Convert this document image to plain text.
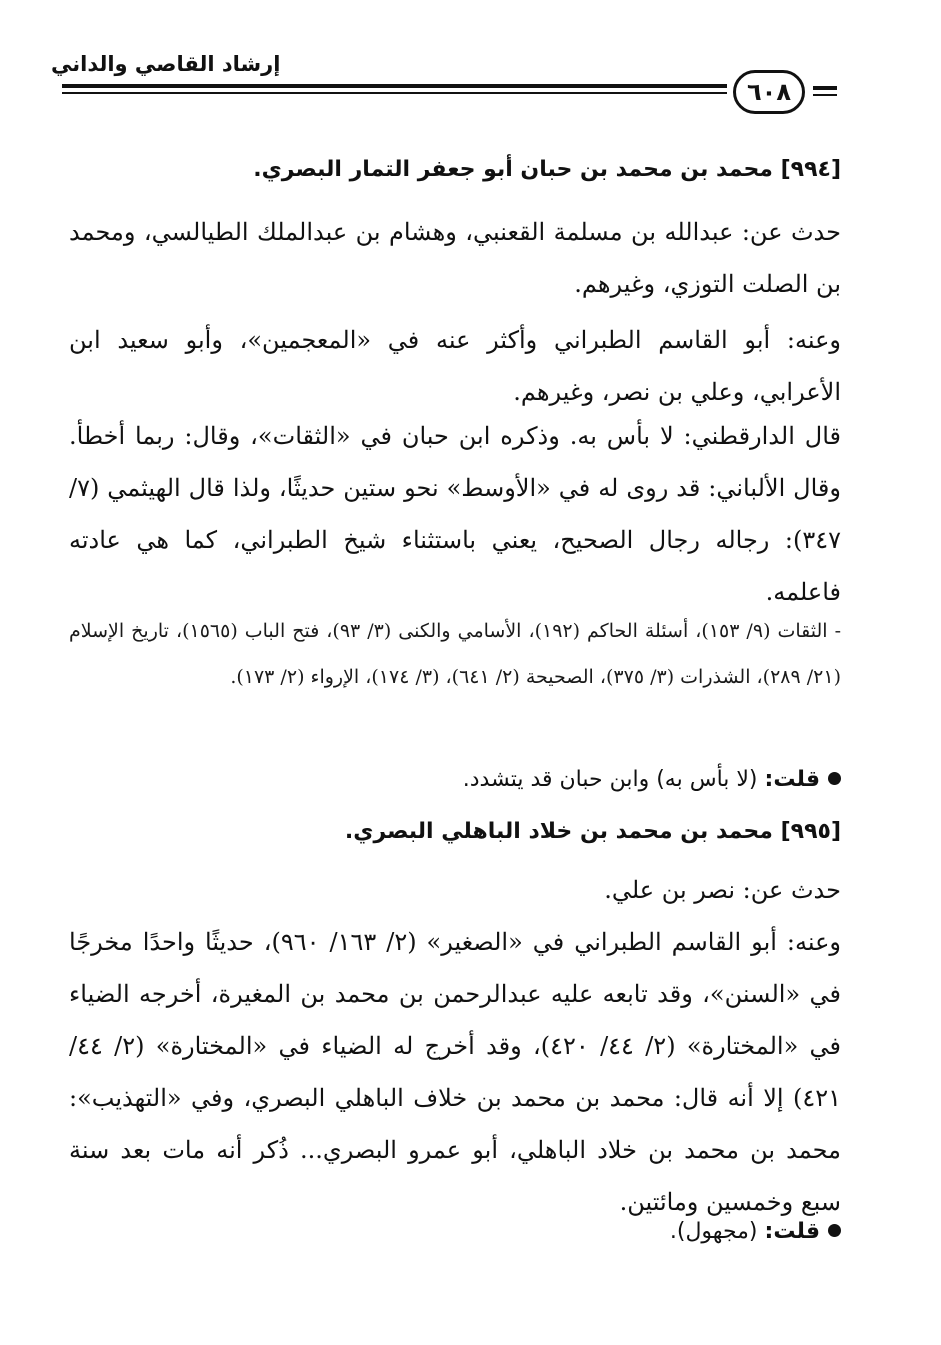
إرشاد القاصي والداني
٦٠٨
[٩٩٤] محمد بن محمد بن حبان أبو جعفر التمار البصري.
حدث عن: عبدالله بن مسلمة القعنبي، وهشام بن عبدالملك الطيالسي، ومحمد بن الصلت التوزي، وغيرهم.
وعنه: أبو القاسم الطبراني وأكثر عنه في «المعجمين»، وأبو سعيد ابن الأعرابي، وعلي بن نصر، وغيرهم.
قال الدارقطني: لا بأس به. وذكره ابن حبان في «الثقات»، وقال: ربما أخطأ. وقال الألباني: قد روى له في «الأوسط» نحو ستين حديثًا، ولذا قال الهيثمي (٧/ ٣٤٧): رجاله رجال الصحيح، يعني باستثناء شيخ الطبراني، كما هي عادته فاعلمه.
- الثقات (٩/ ١٥٣)، أسئلة الحاكم (١٩٢)، الأسامي والكنى (٣/ ٩٣)، فتح الباب (١٥٦٥)، تاريخ الإسلام (٢١/ ٢٨٩)، الشذرات (٣/ ٣٧٥)، الصحيحة (٢/ ٦٤١)، (٣/ ١٧٤)، الإرواء (٢/ ١٧٣).
قلت: (لا بأس به) وابن حبان قد يتشدد.
[٩٩٥] محمد بن محمد بن خلاد الباهلي البصري.
حدث عن: نصر بن علي.
وعنه: أبو القاسم الطبراني في «الصغير» (٢/ ١٦٣/ ٩٦٠)، حديثًا واحدًا مخرجًا في «السنن»، وقد تابعه عليه عبدالرحمن بن محمد بن المغيرة، أخرجه الضياء في «المختارة» (٢/ ٤٤/ ٤٢٠)، وقد أخرج له الضياء في «المختارة» (٢/ ٤٤/ ٤٢١) إلا أنه قال: محمد بن محمد بن خلاف الباهلي البصري، وفي «التهذيب»: محمد بن محمد بن خلاد الباهلي، أبو عمرو البصري... ذُكر أنه مات بعد سنة سبع وخمسين ومائتين.
قلت: (مجهول).
